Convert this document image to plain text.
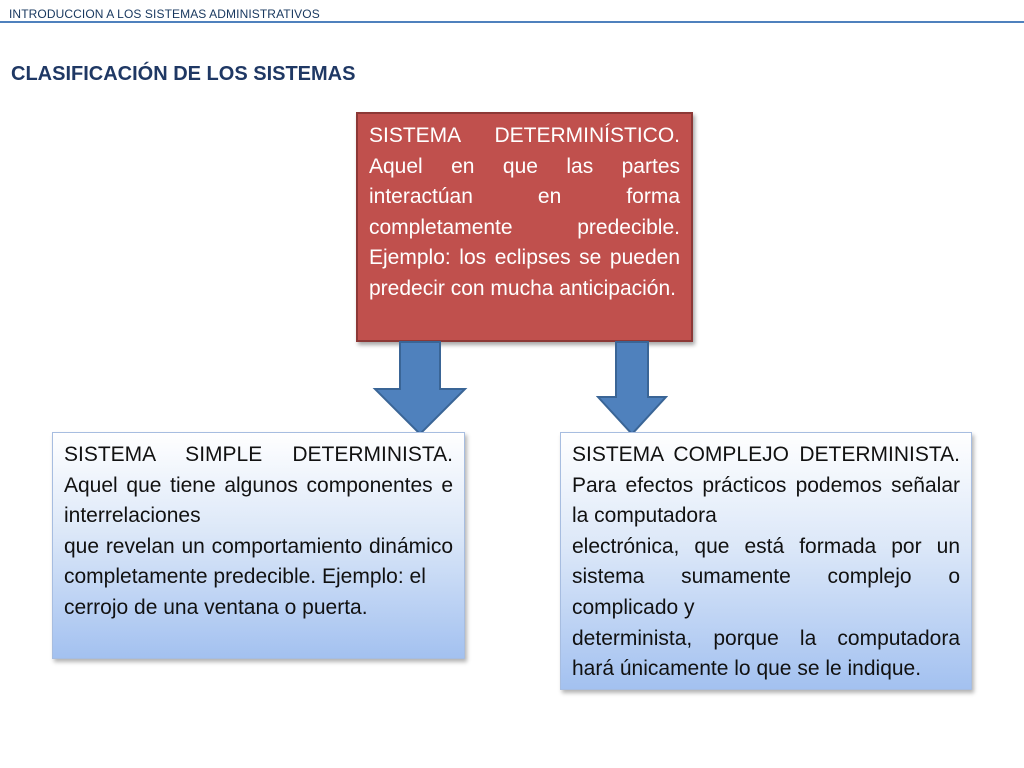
INTRODUCCION A LOS SISTEMAS ADMINISTRATIVOS
CLASIFICACIÓN DE LOS SISTEMAS
SISTEMA DETERMINÍSTICO. Aquel en que las partes interactúan en forma completamente predecible. Ejemplo: los eclipses se pueden predecir con mucha anticipación.
SISTEMA SIMPLE DETERMINISTA. Aquel que tiene algunos componentes e interrelaciones
que revelan un comportamiento dinámico completamente predecible. Ejemplo: el
cerrojo de una ventana o puerta.
SISTEMA COMPLEJO DETERMINISTA. Para efectos prácticos podemos señalar la computadora
electrónica, que está formada por un sistema sumamente complejo o complicado y
determinista, porque la computadora hará únicamente lo que se le indique.
